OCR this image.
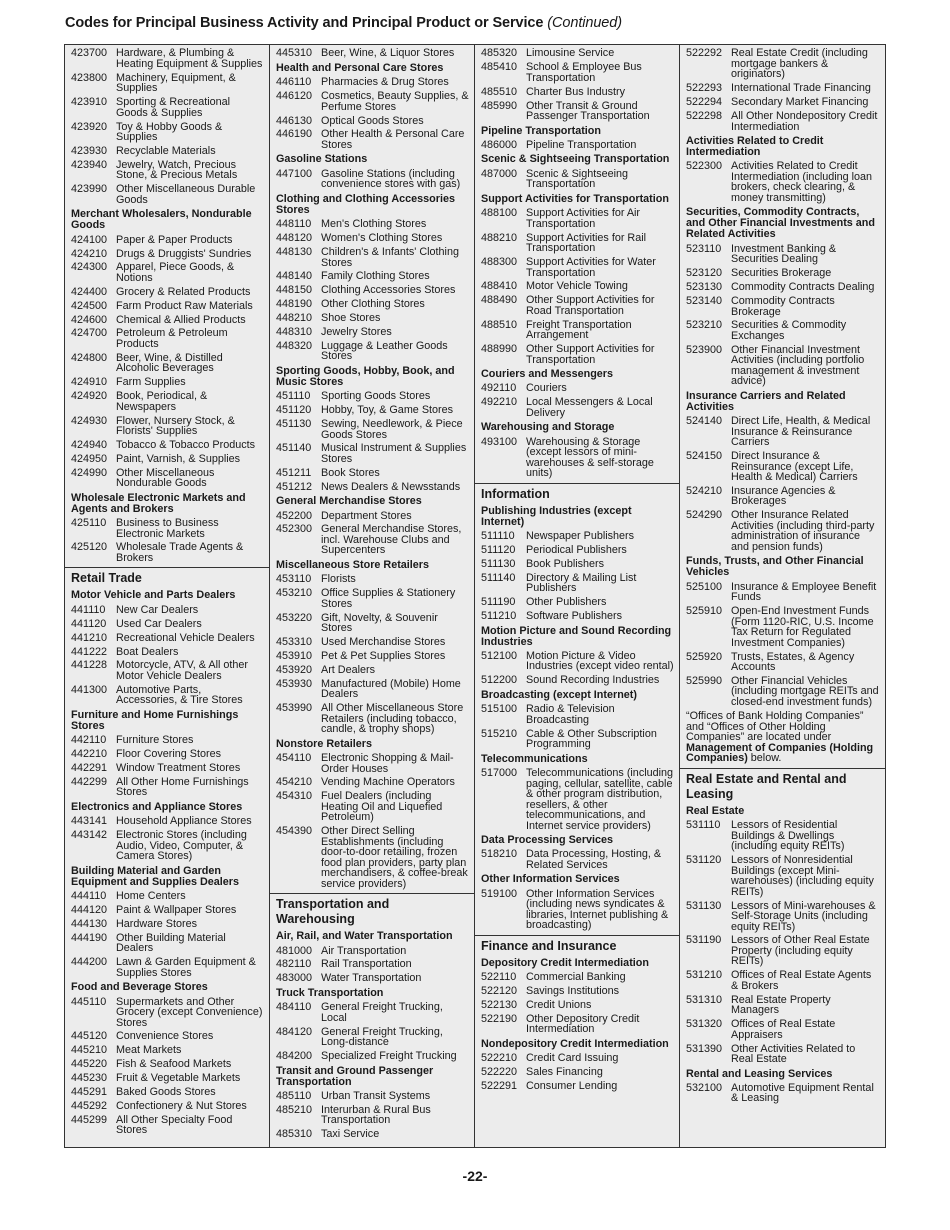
Codes for Principal Business Activity and Principal Product or Service (Continued)
423700 Hardware, & Plumbing & Heating Equipment & Supplies
423800 Machinery, Equipment, & Supplies
423910 Sporting & Recreational Goods & Supplies
423920 Toy & Hobby Goods & Supplies
423930 Recyclable Materials
423940 Jewelry, Watch, Precious Stone, & Precious Metals
423990 Other Miscellaneous Durable Goods
Merchant Wholesalers, Nondurable Goods
424100 Paper & Paper Products
424210 Drugs & Druggists' Sundries
424300 Apparel, Piece Goods, & Notions
424400 Grocery & Related Products
424500 Farm Product Raw Materials
424600 Chemical & Allied Products
424700 Petroleum & Petroleum Products
424800 Beer, Wine, & Distilled Alcoholic Beverages
424910 Farm Supplies
424920 Book, Periodical, & Newspapers
424930 Flower, Nursery Stock, & Florists' Supplies
424940 Tobacco & Tobacco Products
424950 Paint, Varnish, & Supplies
424990 Other Miscellaneous Nondurable Goods
Wholesale Electronic Markets and Agents and Brokers
425110 Business to Business Electronic Markets
425120 Wholesale Trade Agents & Brokers
Retail Trade
Motor Vehicle and Parts Dealers
441110 New Car Dealers
441120 Used Car Dealers
441210 Recreational Vehicle Dealers
441222 Boat Dealers
441228 Motorcycle, ATV, & All other Motor Vehicle Dealers
441300 Automotive Parts, Accessories, & Tire Stores
Furniture and Home Furnishings Stores
442110 Furniture Stores
442210 Floor Covering Stores
442291 Window Treatment Stores
442299 All Other Home Furnishings Stores
Electronics and Appliance Stores
443141 Household Appliance Stores
443142 Electronic Stores (including Audio, Video, Computer, & Camera Stores)
Building Material and Garden Equipment and Supplies Dealers
444110 Home Centers
444120 Paint & Wallpaper Stores
444130 Hardware Stores
444190 Other Building Material Dealers
444200 Lawn & Garden Equipment & Supplies Stores
Food and Beverage Stores
445110 Supermarkets and Other Grocery (except Convenience) Stores
445120 Convenience Stores
445210 Meat Markets
445220 Fish & Seafood Markets
445230 Fruit & Vegetable Markets
445291 Baked Goods Stores
445292 Confectionery & Nut Stores
445299 All Other Specialty Food Stores
445310 Beer, Wine, & Liquor Stores
Health and Personal Care Stores
446110 Pharmacies & Drug Stores
446120 Cosmetics, Beauty Supplies, & Perfume Stores
446130 Optical Goods Stores
446190 Other Health & Personal Care Stores
Gasoline Stations
447100 Gasoline Stations (including convenience stores with gas)
Clothing and Clothing Accessories Stores
448110 Men's Clothing Stores
448120 Women's Clothing Stores
448130 Children's & Infants' Clothing Stores
448140 Family Clothing Stores
448150 Clothing Accessories Stores
448190 Other Clothing Stores
448210 Shoe Stores
448310 Jewelry Stores
448320 Luggage & Leather Goods Stores
Sporting Goods, Hobby, Book, and Music Stores
451110 Sporting Goods Stores
451120 Hobby, Toy, & Game Stores
451130 Sewing, Needlework, & Piece Goods Stores
451140 Musical Instrument & Supplies Stores
451211 Book Stores
451212 News Dealers & Newsstands
General Merchandise Stores
452200 Department Stores
452300 General Merchandise Stores, incl. Warehouse Clubs and Supercenters
Miscellaneous Store Retailers
453110 Florists
453210 Office Supplies & Stationery Stores
453220 Gift, Novelty, & Souvenir Stores
453310 Used Merchandise Stores
453910 Pet & Pet Supplies Stores
453920 Art Dealers
453930 Manufactured (Mobile) Home Dealers
453990 All Other Miscellaneous Store Retailers (including tobacco, candle, & trophy shops)
Nonstore Retailers
454110 Electronic Shopping & Mail-Order Houses
454210 Vending Machine Operators
454310 Fuel Dealers (including Heating Oil and Liquefied Petroleum)
454390 Other Direct Selling Establishments (including door-to-door retailing, frozen food plan providers, party plan merchandisers, & coffee-break service providers)
Transportation and Warehousing
Air, Rail, and Water Transportation
481000 Air Transportation
482110 Rail Transportation
483000 Water Transportation
Truck Transportation
484110 General Freight Trucking, Local
484120 General Freight Trucking, Long-distance
484200 Specialized Freight Trucking
Transit and Ground Passenger Transportation
485110 Urban Transit Systems
485210 Interurban & Rural Bus Transportation
485310 Taxi Service
485320 Limousine Service
485410 School & Employee Bus Transportation
485510 Charter Bus Industry
485990 Other Transit & Ground Passenger Transportation
Pipeline Transportation
486000 Pipeline Transportation
Scenic & Sightseeing Transportation
487000 Scenic & Sightseeing Transportation
Support Activities for Transportation
488100 Support Activities for Air Transportation
488210 Support Activities for Rail Transportation
488300 Support Activities for Water Transportation
488410 Motor Vehicle Towing
488490 Other Support Activities for Road Transportation
488510 Freight Transportation Arrangement
488990 Other Support Activities for Transportation
Couriers and Messengers
492110 Couriers
492210 Local Messengers & Local Delivery
Warehousing and Storage
493100 Warehousing & Storage (except lessors of mini-warehouses & self-storage units)
Information
Publishing Industries (except Internet)
511110	Newspaper Publishers
511120 Periodical Publishers
511130 Book Publishers
511140 Directory & Mailing List Publishers
511190 Other Publishers
511210 Software Publishers
Motion Picture and Sound Recording Industries
512100 Motion Picture & Video Industries (except video rental)
512200 Sound Recording Industries
Broadcasting (except Internet)
515100 Radio & Television Broadcasting
515210 Cable & Other Subscription Programming
Telecommunications
517000 Telecommunications (including paging, cellular, satellite, cable & other program distribution, resellers, & other telecommunications, and Internet service providers)
Data Processing Services
518210 Data Processing, Hosting, & Related Services
Other Information Services
519100 Other Information Services (including news syndicates & libraries, Internet publishing & broadcasting)
Finance and Insurance
Depository Credit Intermediation
522110 Commercial Banking
522120 Savings Institutions
522130 Credit Unions
522190 Other Depository Credit Intermediation
Nondepository Credit Intermediation
522210 Credit Card Issuing
522220 Sales Financing
522291 Consumer Lending
522292 Real Estate Credit (including mortgage bankers & originators)
522293 International Trade Financing
522294 Secondary Market Financing
522298 All Other Nondepository Credit Intermediation
Activities Related to Credit Intermediation
522300 Activities Related to Credit Intermediation (including loan brokers, check clearing, & money transmitting)
Securities, Commodity Contracts, and Other Financial Investments and Related Activities
523110 Investment Banking & Securities Dealing
523120 Securities Brokerage
523130 Commodity Contracts Dealing
523140 Commodity Contracts Brokerage
523210 Securities & Commodity Exchanges
523900 Other Financial Investment Activities (including portfolio management & investment advice)
Insurance Carriers and Related Activities
524140 Direct Life, Health, & Medical Insurance & Reinsurance Carriers
524150 Direct Insurance & Reinsurance (except Life, Health & Medical) Carriers
524210 Insurance Agencies & Brokerages
524290 Other Insurance Related Activities (including third-party administration of insurance and pension funds)
Funds, Trusts, and Other Financial Vehicles
525100 Insurance & Employee Benefit Funds
525910 Open-End Investment Funds (Form 1120-RIC, U.S. Income Tax Return for Regulated Investment Companies)
525920 Trusts, Estates, & Agency Accounts
525990 Other Financial Vehicles (including mortgage REITs and closed-end investment funds)
“Offices of Bank Holding Companies” and “Offices of Other Holding Companies” are located under Management of Companies (Holding Companies) below.
Real Estate and Rental and Leasing
Real Estate
531110 Lessors of Residential Buildings & Dwellings (including equity REITs)
531120 Lessors of Nonresidential Buildings (except Mini-warehouses) (including equity REITs)
531130 Lessors of Mini-warehouses & Self-Storage Units (including equity REITs)
531190 Lessors of Other Real Estate Property (including equity REITs)
531210 Offices of Real Estate Agents & Brokers
531310 Real Estate Property Managers
531320 Offices of Real Estate Appraisers
531390 Other Activities Related to Real Estate
Rental and Leasing Services
532100 Automotive Equipment Rental & Leasing
-22-
